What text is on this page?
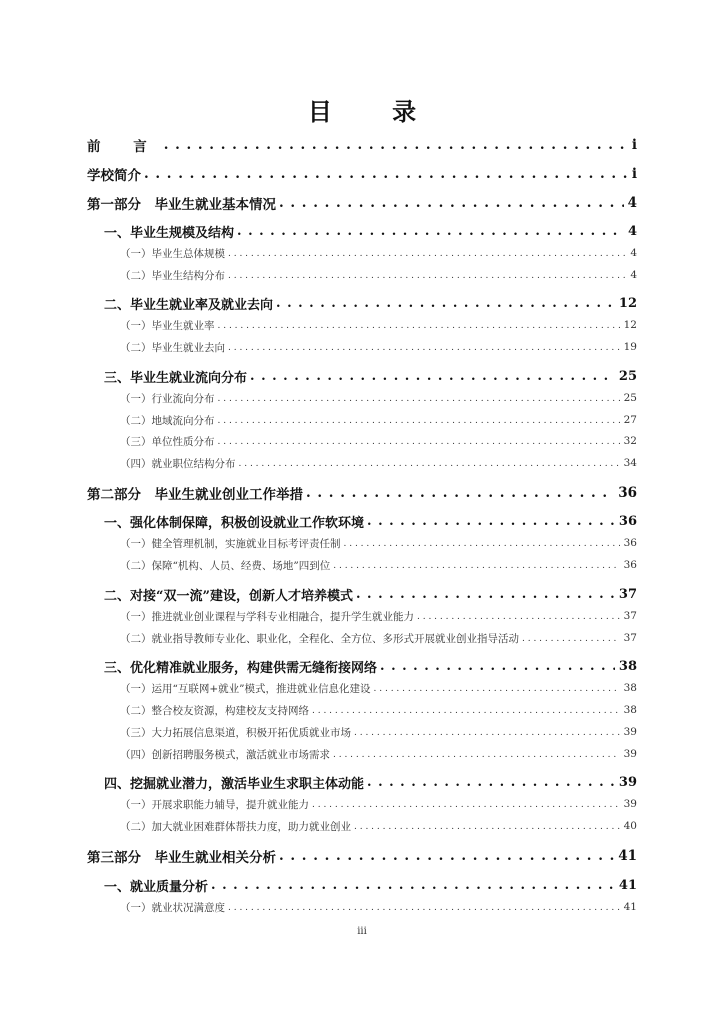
目 录
前 言 . . .	i
学校简介 . . .	i
第一部分　毕业生就业基本情况 . . .	4
一、毕业生规模及结构 . . .	4
（一）毕业生总体规模 . . .	4
（二）毕业生结构分布 . . .	4
二、毕业生就业率及就业去向 . . .	12
（一）毕业生就业率 . . .	12
（二）毕业生就业去向 . . .	19
三、毕业生就业流向分布 . . .	25
（一）行业流向分布 . . .	25
（二）地域流向分布 . . .	27
（三）单位性质分布 . . .	32
（四）就业职位结构分布 . . .	34
第二部分　毕业生就业创业工作举措 . . .	36
一、强化体制保障，积极创设就业工作软环境 . . .	36
（一）健全管理机制，实施就业目标考评责任制 . . .	36
（二）保障“机构、人员、经费、场地”四到位 . . .	36
二、对接“双一流”建设，创新人才培养模式 . . .	37
（一）推进就业创业课程与学科专业相融合，提升学生就业能力 . . .	37
（二）就业指导教师专业化、职业化，全程化、全方位、多形式开展就业创业指导活动 . . .	37
三、优化精准就业服务，构建供需无缝衔接网络 . . .	38
（一）运用“互联网+就业”模式，推进就业信息化建设 . . .	38
（二）整合校友资源，构建校友支持网络 . . .	38
（三）大力拓展信息渠道，积极开拓优质就业市场 . . .	39
（四）创新招聘服务模式，激活就业市场需求 . . .	39
四、挖掘就业潜力，激活毕业生求职主体动能 . . .	39
（一）开展求职能力辅导，提升就业能力 . . .	39
（二）加大就业困难群体帮扶力度，助力就业创业 . . .	40
第三部分　毕业生就业相关分析 . . .	41
一、就业质量分析 . . .	41
（一）就业状况满意度 . . .	41
iii
